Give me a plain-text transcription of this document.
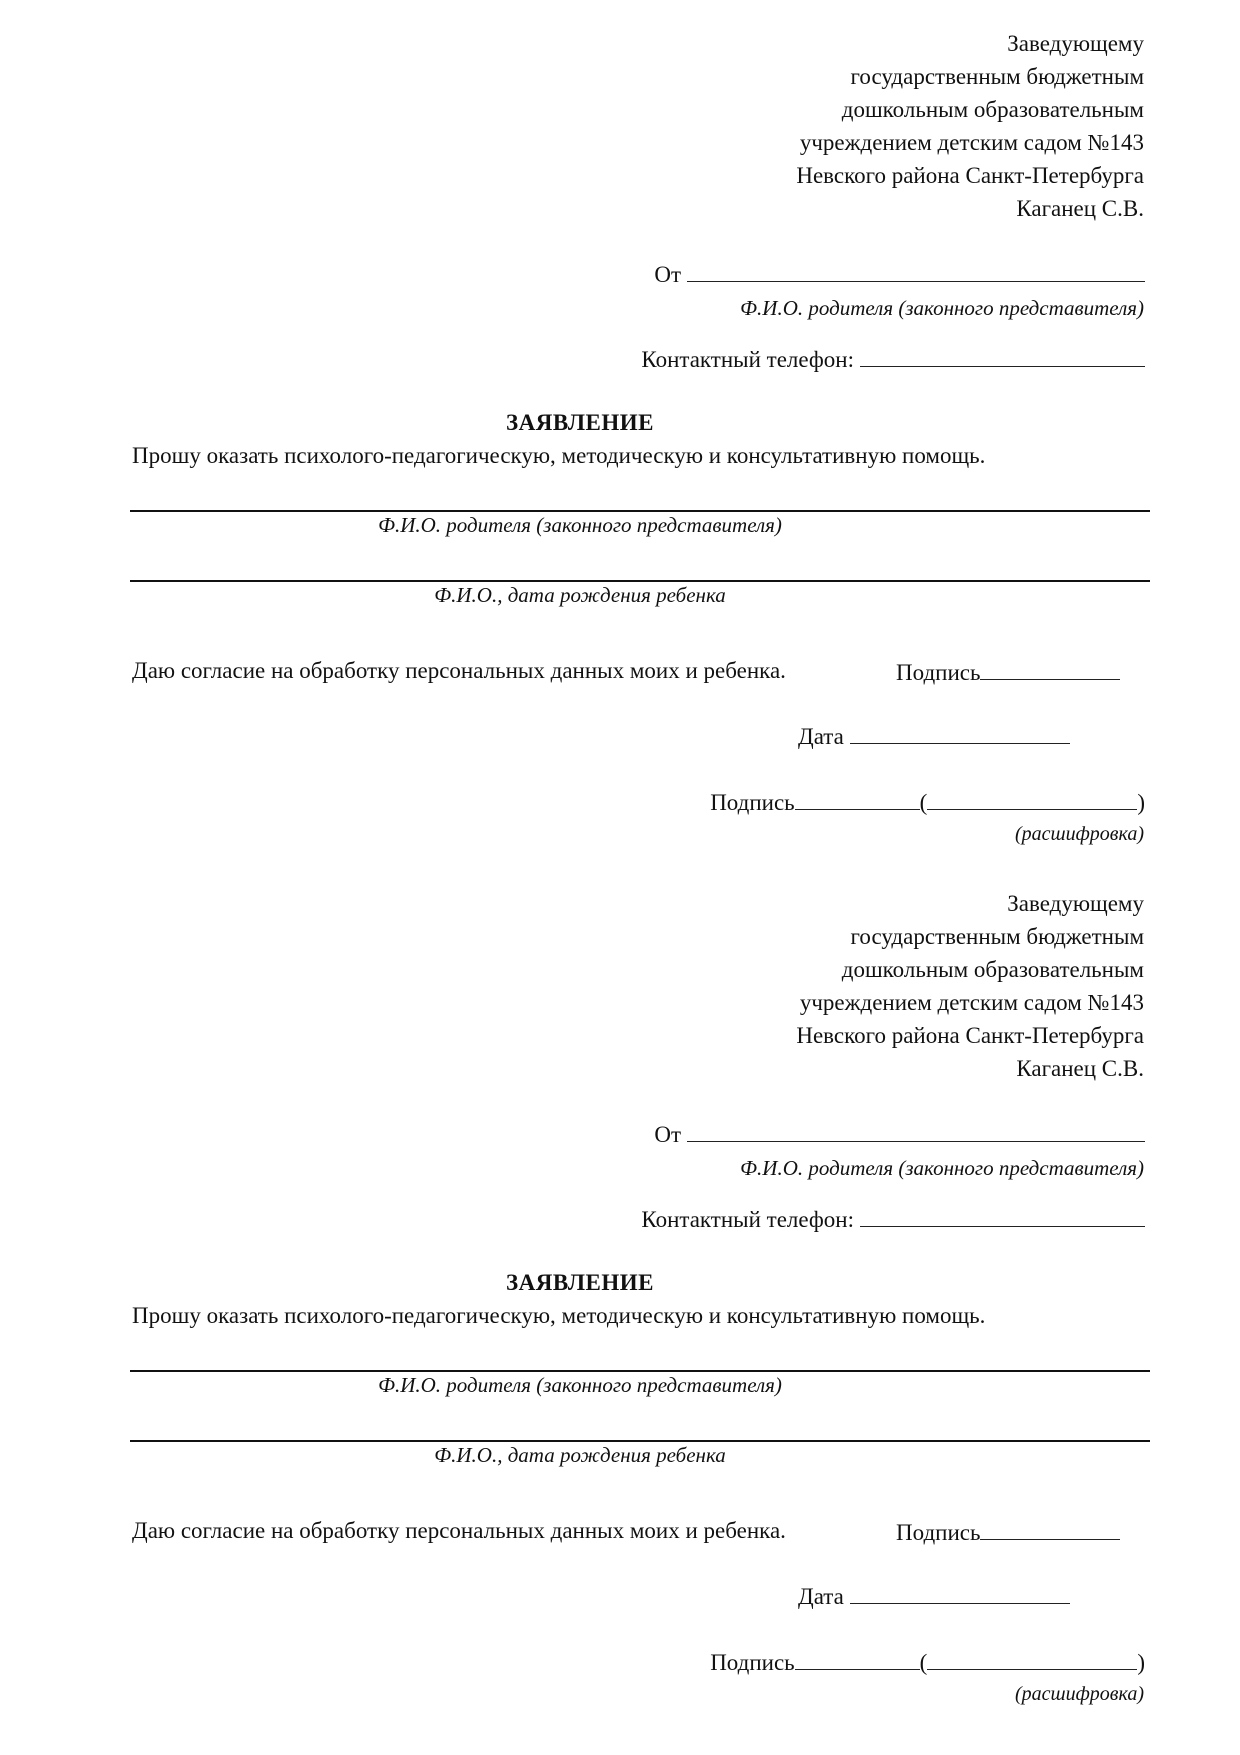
Заведующему
государственным бюджетным
дошкольным образовательным
учреждением детским садом №143
Невского района Санкт-Петербурга
Каганец С.В.
От
Ф.И.О. родителя (законного представителя)
Контактный телефон:
ЗАЯВЛЕНИЕ
Прошу оказать психолого-педагогическую, методическую и консультативную помощь.
Ф.И.О. родителя (законного представителя)
Ф.И.О., дата рождения ребенка
Даю согласие на обработку персональных данных моих и ребенка.	Подпись
Дата
Подпись	(	)
(расшифровка)
Заведующему
государственным бюджетным
дошкольным образовательным
учреждением детским садом №143
Невского района Санкт-Петербурга
Каганец С.В.
От
Ф.И.О. родителя (законного представителя)
Контактный телефон:
ЗАЯВЛЕНИЕ
Прошу оказать психолого-педагогическую, методическую и консультативную помощь.
Ф.И.О. родителя (законного представителя)
Ф.И.О., дата рождения ребенка
Даю согласие на обработку персональных данных моих и ребенка.	Подпись
Дата
Подпись	(	)
(расшифровка)
